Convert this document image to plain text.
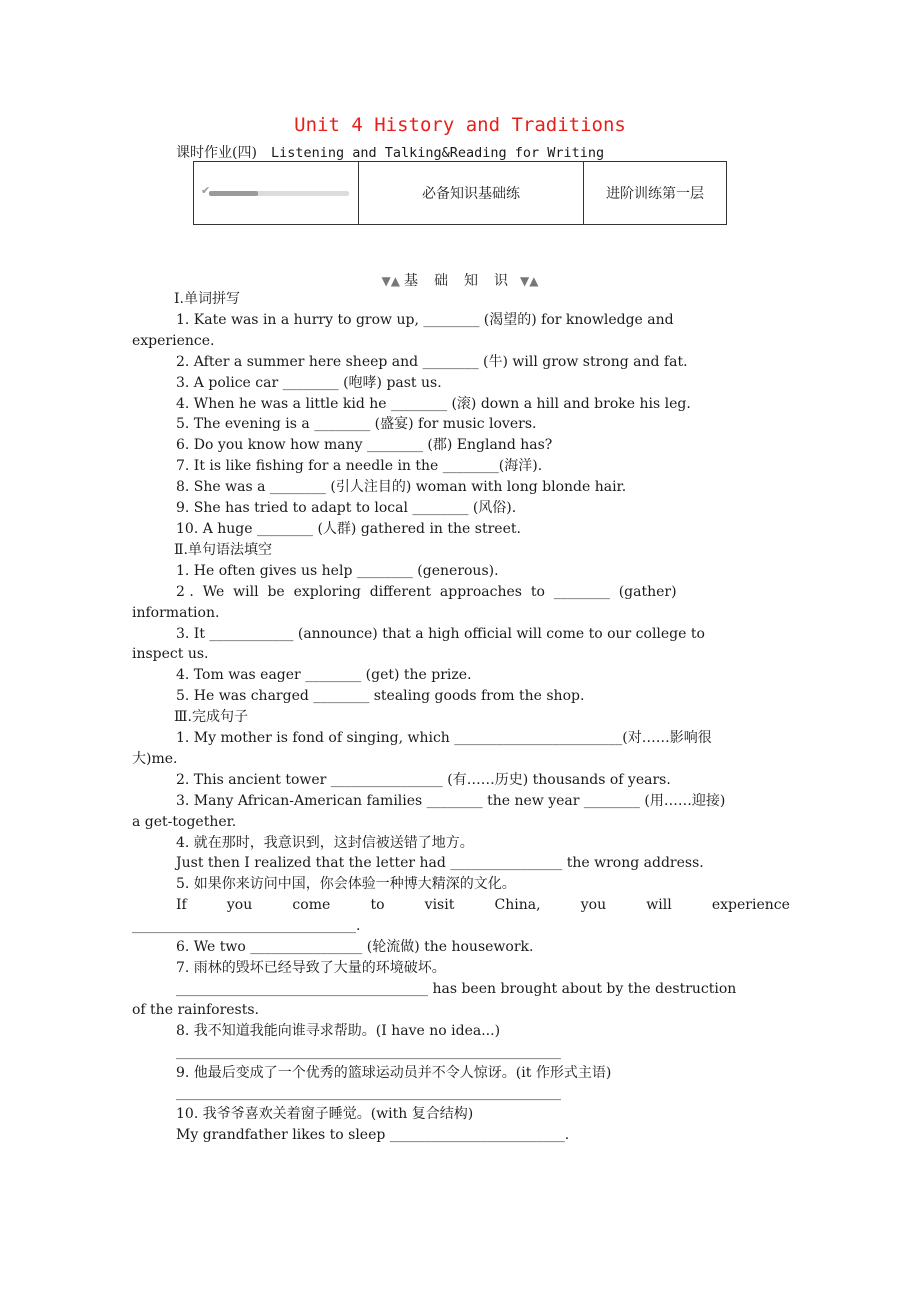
Unit 4 History and Traditions
课时作业(四) Listening and Talking&Reading for Writing
✔	必备知识基础练	进阶训练第一层
▼▲ 基础知识▼▲
Ⅰ.单词拼写
1. Kate was in a hurry to grow up, ________ (渴望的) for knowledge and
experience.
2. After a summer here sheep and ________ (牛) will grow strong and fat.
3. A police car ________ (咆哮) past us.
4. When he was a little kid he ________ (滚) down a hill and broke his leg.
5. The evening is a ________ (盛宴) for music lovers.
6. Do you know how many ________ (郡) England has?
7. It is like fishing for a needle in the ________(海洋).
8. She was a ________ (引人注目的) woman with long blonde hair.
9. She has tried to adapt to local ________ (风俗).
10. A huge ________ (人群) gathered in the street.
Ⅱ.单句语法填空
1. He often gives us help ________ (generous).
2 .  We  will  be  exploring  different  approaches  to  ________  (gather)
information.
3. It ____________ (announce) that a high official will come to our college to
inspect us.
4. Tom was eager ________ (get) the prize.
5. He was charged ________ stealing goods from the shop.
Ⅲ.完成句子
1. My mother is fond of singing, which ________________________(对……影响很
大)me.
2. This ancient tower ________________ (有……历史) thousands of years.
3. Many African-American families ________ the new year ________ (用……迎接)
a get-together.
4. 就在那时，我意识到，这封信被送错了地方。
Just then I realized that the letter had ________________ the wrong address.
5. 如果你来访问中国，你会体验一种博大精深的文化。
If	you	come	to	visit	China,	you	will	experience
________________________________.
6. We two ________________ (轮流做) the housework.
7. 雨林的毁坏已经导致了大量的环境破坏。
____________________________________ has been brought about by the destruction
of the rainforests.
8. 我不知道我能向谁寻求帮助。(I have no idea...)
_______________________________________________________
9. 他最后变成了一个优秀的篮球运动员并不令人惊讶。(it 作形式主语)
_______________________________________________________
10. 我爷爷喜欢关着窗子睡觉。(with 复合结构)
My grandfather likes to sleep _________________________.
